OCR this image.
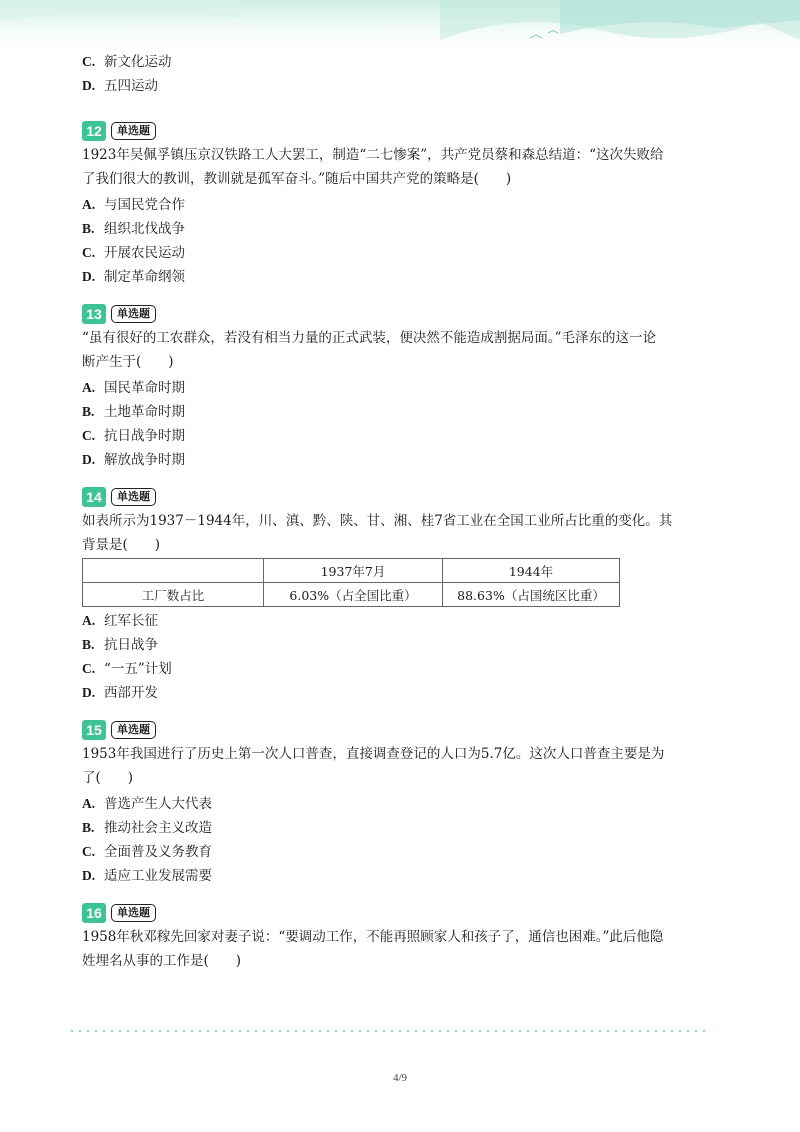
C. 新文化运动
D. 五四运动
12	单选题
1923年吴佩孚镇压京汉铁路工人大罢工，制造“二七惨案”，共产党员蔡和森总结道：“这次失败给
了我们很大的教训，教训就是孤军奋斗。”随后中国共产党的策略是(　　)
A. 与国民党合作
B. 组织北伐战争
C. 开展农民运动
D. 制定革命纲领
13	单选题
“虽有很好的工农群众，若没有相当力量的正式武装，便决然不能造成割据局面。”毛泽东的这一论
断产生于(　　)
A. 国民革命时期
B. 土地革命时期
C. 抗日战争时期
D. 解放战争时期
14	单选题
如表所示为1937－1944年，川、滇、黔、陕、甘、湘、桂7省工业在全国工业所占比重的变化。其
背景是(　　)
	1937年7月	1944年
工厂数占比	6.03%（占全国比重）	88.63%（占国统区比重）
A. 红军长征
B. 抗日战争
C. “一五”计划
D. 西部开发
15	单选题
1953年我国进行了历史上第一次人口普查，直接调查登记的人口为5.7亿。这次人口普查主要是为
了(　　)
A. 普选产生人大代表
B. 推动社会主义改造
C. 全面普及义务教育
D. 适应工业发展需要
16	单选题
1958年秋邓稼先回家对妻子说：“要调动工作，不能再照顾家人和孩子了，通信也困难。”此后他隐
姓埋名从事的工作是(　　)
4/9
